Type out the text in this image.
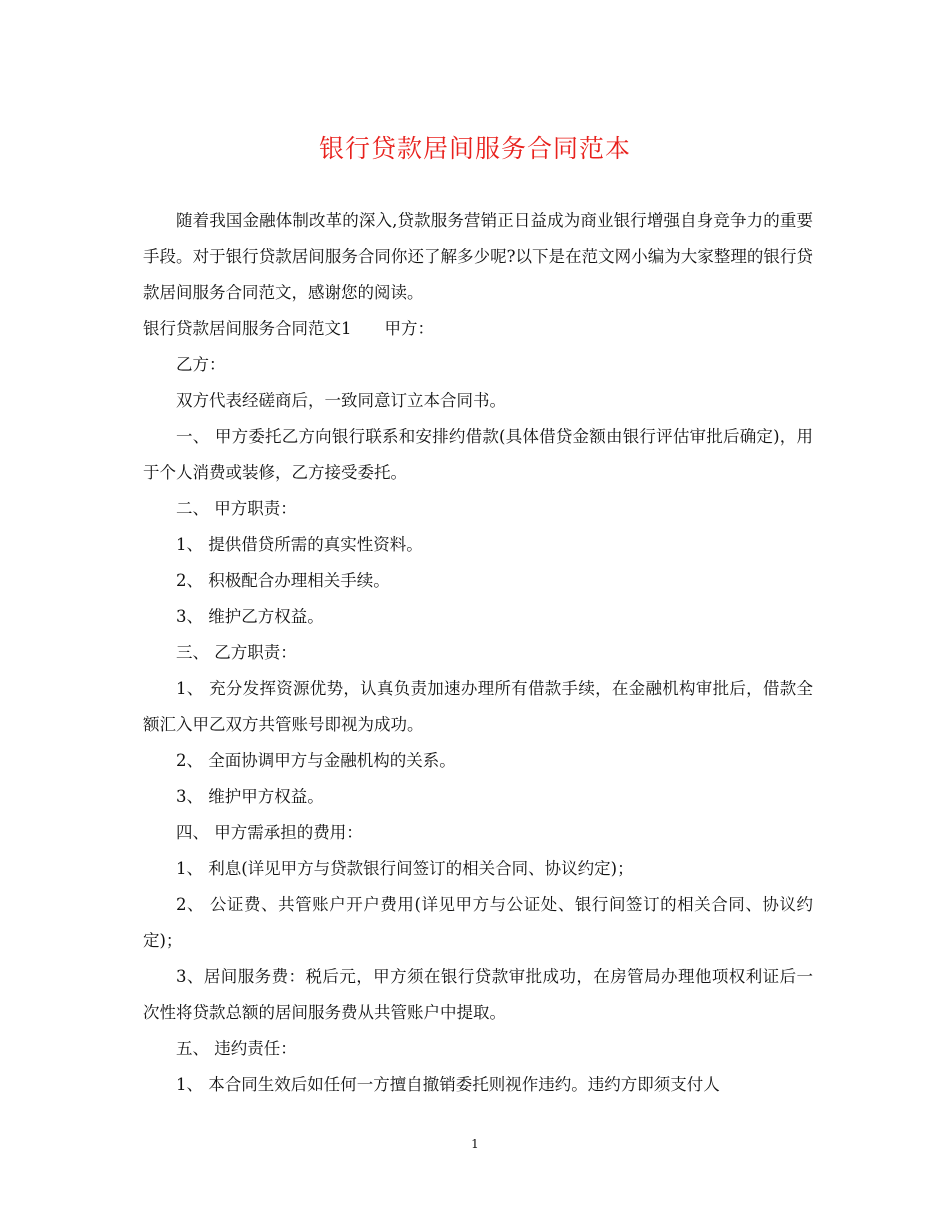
银行贷款居间服务合同范本

随着我国金融体制改革的深入,贷款服务营销正日益成为商业银行增强自身竞争力的重要手段。对于银行贷款居间服务合同你还了解多少呢?以下是在范文网小编为大家整理的银行贷款居间服务合同范文，感谢您的阅读。

银行贷款居间服务合同范文1　　甲方：

乙方：

双方代表经磋商后，一致同意订立本合同书。

一、 甲方委托乙方向银行联系和安排约借款(具体借贷金额由银行评估审批后确定)，用于个人消费或装修，乙方接受委托。

二、 甲方职责：

1、 提供借贷所需的真实性资料。

2、 积极配合办理相关手续。

3、 维护乙方权益。

三、 乙方职责：

1、 充分发挥资源优势，认真负责加速办理所有借款手续，在金融机构审批后，借款全额汇入甲乙双方共管账号即视为成功。

2、 全面协调甲方与金融机构的关系。

3、 维护甲方权益。

四、 甲方需承担的费用：

1、 利息(详见甲方与贷款银行间签订的相关合同、协议约定)；

2、 公证费、共管账户开户费用(详见甲方与公证处、银行间签订的相关合同、协议约定)；

3、居间服务费：税后元，甲方须在银行贷款审批成功，在房管局办理他项权利证后一次性将贷款总额的居间服务费从共管账户中提取。

五、 违约责任：

1、 本合同生效后如任何一方擅自撤销委托则视作违约。违约方即须支付人

1
